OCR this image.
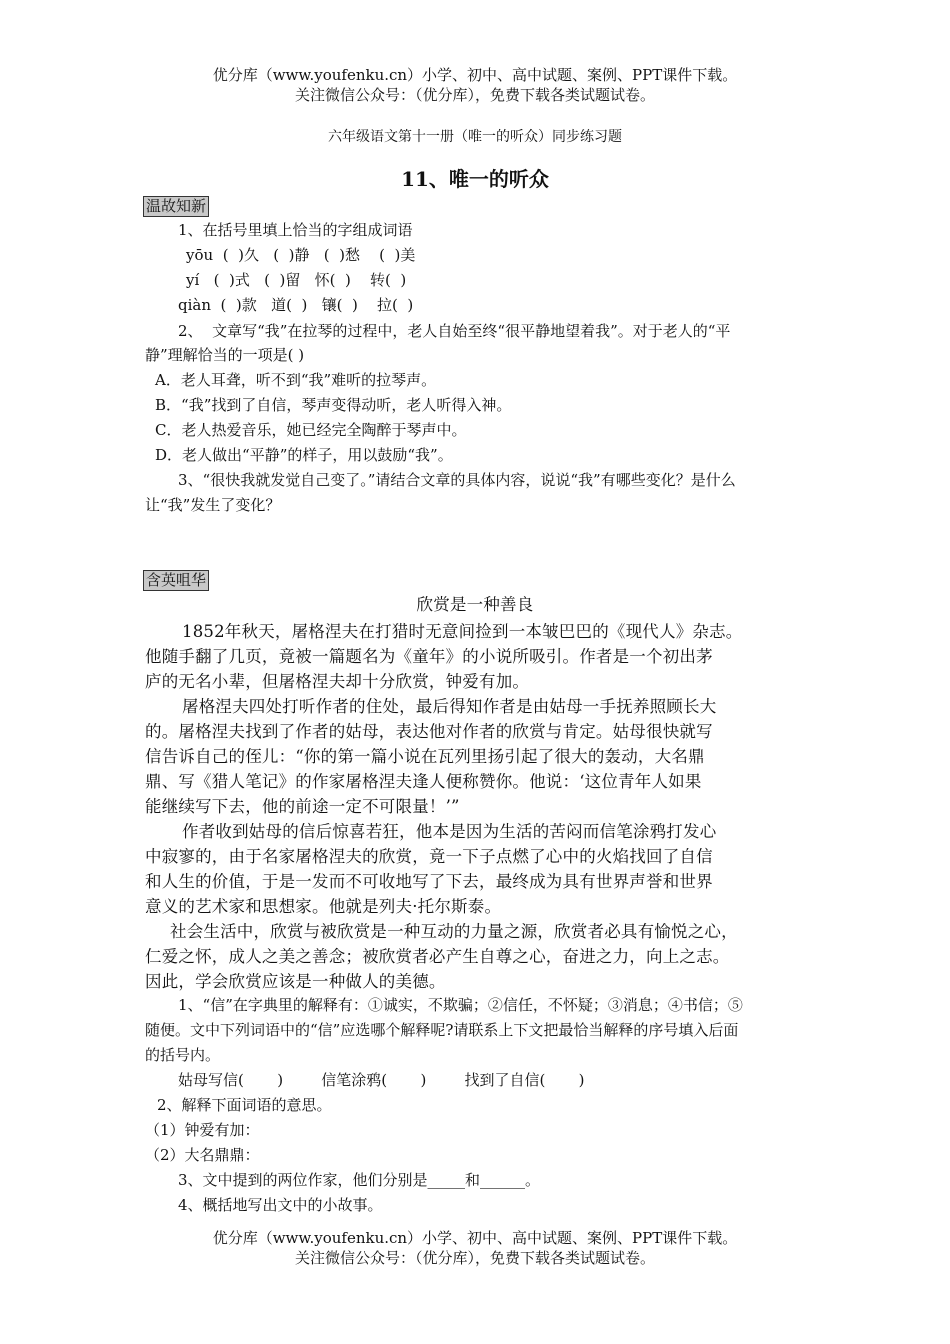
优分库（www.youfenku.cn）小学、初中、高中试题、案例、PPT课件下载。
关注微信公众号：（优分库），免费下载各类试题试卷。
六年级语文第十一册（唯一的听众）同步练习题
11、唯一的听众
温故知新
1、在括号里填上恰当的字组成词语
yōu  (  )久   (  )静   (  )愁    (  )美
yí   (  )式   (  )留   怀(  )    转(  )
qiàn  (  )款   道(  )   镶(  )    拉(  )
2、  文章写“我”在拉琴的过程中，老人自始至终“很平静地望着我”。对于老人的“平
静”理解恰当的一项是( )
A．老人耳聋，听不到“我”难听的拉琴声。
B．“我”找到了自信，琴声变得动听，老人听得入神。
C．老人热爱音乐，她已经完全陶醉于琴声中。
D．老人做出“平静”的样子，用以鼓励“我”。
3、“很快我就发觉自己变了。”请结合文章的具体内容，说说“我”有哪些变化？是什么
让“我”发生了变化？
含英咀华
欣赏是一种善良
1852年秋天，屠格涅夫在打猎时无意间捡到一本皱巴巴的《现代人》杂志。
他随手翻了几页，竟被一篇题名为《童年》的小说所吸引。作者是一个初出茅
庐的无名小辈，但屠格涅夫却十分欣赏，钟爱有加。
屠格涅夫四处打听作者的住处，最后得知作者是由姑母一手抚养照顾长大
的。屠格涅夫找到了作者的姑母，表达他对作者的欣赏与肯定。姑母很快就写
信告诉自己的侄儿：“你的第一篇小说在瓦列里扬引起了很大的轰动，大名鼎
鼎、写《猎人笔记》的作家屠格涅夫逢人便称赞你。他说：‘这位青年人如果
能继续写下去，他的前途一定不可限量！’”
作者收到姑母的信后惊喜若狂，他本是因为生活的苦闷而信笔涂鸦打发心
中寂寥的，由于名家屠格涅夫的欣赏，竟一下子点燃了心中的火焰找回了自信
和人生的价值，于是一发而不可收地写了下去，最终成为具有世界声誉和世界
意义的艺术家和思想家。他就是列夫·托尔斯泰。
社会生活中，欣赏与被欣赏是一种互动的力量之源，欣赏者必具有愉悦之心，
仁爱之怀，成人之美之善念；被欣赏者必产生自尊之心，奋进之力，向上之志。
因此，学会欣赏应该是一种做人的美德。
1、“信”在字典里的解释有：①诚实，不欺骗；②信任，不怀疑；③消息；④书信；⑤
随便。文中下列词语中的“信”应选哪个解释呢?请联系上下文把最恰当解释的序号填入后面
的括号内。
姑母写信(       )        信笔涂鸦(       )        找到了自信(       )
2、解释下面词语的意思。
（1）钟爱有加：
（2）大名鼎鼎：
3、文中提到的两位作家，他们分别是_____和______。
4、概括地写出文中的小故事。
优分库（www.youfenku.cn）小学、初中、高中试题、案例、PPT课件下载。
关注微信公众号：（优分库），免费下载各类试题试卷。
